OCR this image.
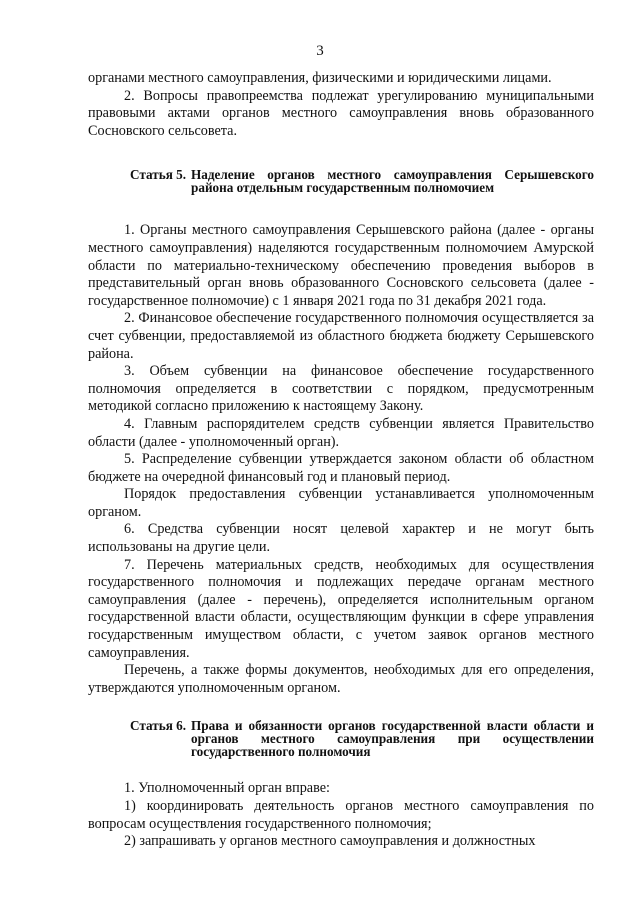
3

органами местного самоуправления, физическими и юридическими лицами.

2. Вопросы правопреемства подлежат урегулированию муниципальными правовыми актами органов местного самоуправления вновь образованного Сосновского сельсовета.

Статья 5. Наделение органов местного самоуправления Серышевского района отдельным государственным полномочием

1. Органы местного самоуправления Серышевского района (далее - органы местного самоуправления) наделяются государственным полномочием Амурской области по материально-техническому обеспечению проведения выборов в представительный орган вновь образованного Сосновского сельсовета (далее - государственное полномочие) с 1 января 2021 года по 31 декабря 2021 года.

2. Финансовое обеспечение государственного полномочия осуществляется за счет субвенции, предоставляемой из областного бюджета бюджету Серышевского района.

3. Объем субвенции на финансовое обеспечение государственного полномочия определяется в соответствии с порядком, предусмотренным методикой согласно приложению к настоящему Закону.

4. Главным распорядителем средств субвенции является Правительство области (далее - уполномоченный орган).

5. Распределение субвенции утверждается законом области об областном бюджете на очередной финансовый год и плановый период.

Порядок предоставления субвенции устанавливается уполномоченным органом.

6. Средства субвенции носят целевой характер и не могут быть использованы на другие цели.

7. Перечень материальных средств, необходимых для осуществления государственного полномочия и подлежащих передаче органам местного самоуправления (далее - перечень), определяется исполнительным органом государственной власти области, осуществляющим функции в сфере управления государственным имуществом области, с учетом заявок органов местного самоуправления.

Перечень, а также формы документов, необходимых для его определения, утверждаются уполномоченным органом.

Статья 6. Права и обязанности органов государственной власти области и органов местного самоуправления при осуществлении государственного полномочия

1. Уполномоченный орган вправе:

1) координировать деятельность органов местного самоуправления по вопросам осуществления государственного полномочия;

2) запрашивать у органов местного самоуправления и должностных
